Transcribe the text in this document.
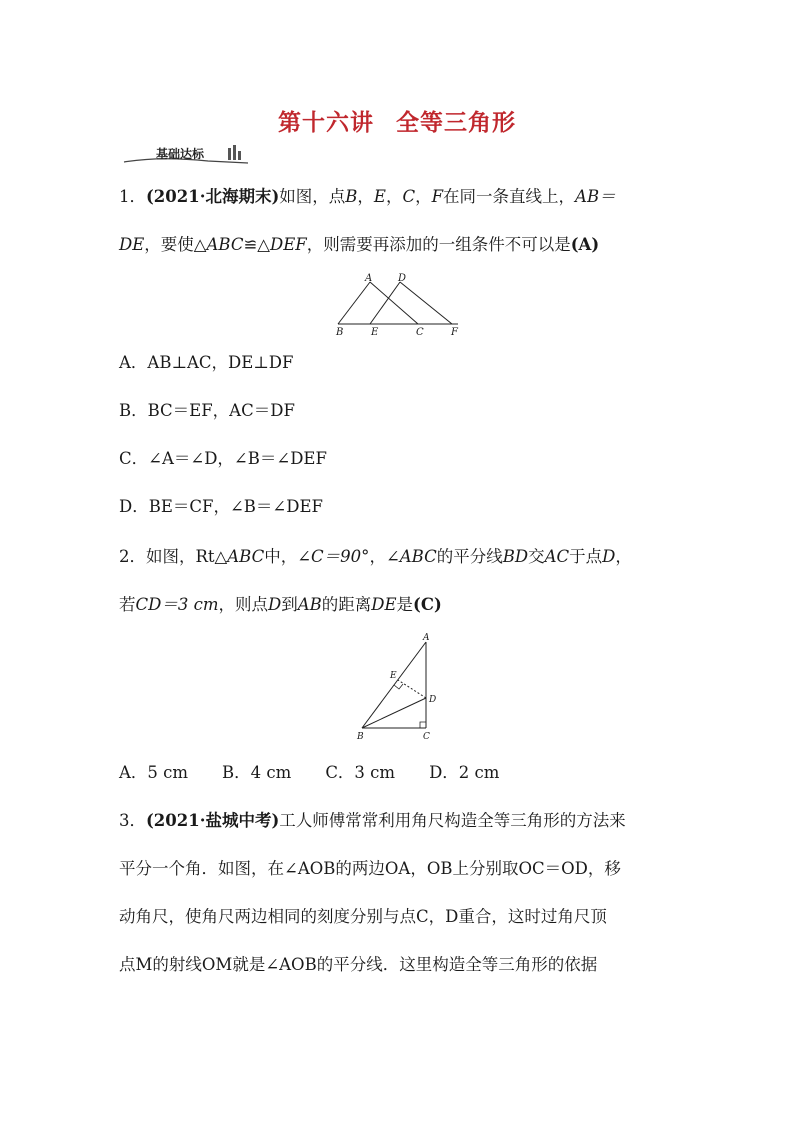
第十六讲 全等三角形
基础达标
1．(2021·北海期末)如图，点B，E，C，F在同一条直线上，AB＝
DE，要使△ABC≌△DEF，则需要再添加的一组条件不可以是(A)
A	D
B	E	C	F
A．AB⊥AC，DE⊥DF
B．BC＝EF，AC＝DF
C．∠A＝∠D，∠B＝∠DEF
D．BE＝CF，∠B＝∠DEF
2．如图，Rt△ABC中，∠C＝90°，∠ABC的平分线BD交AC于点D，
若CD＝3 cm，则点D到AB的距离DE是(C)
A
E
D
B	C
A．5 cm B．4 cm C．3 cm D．2 cm
3．(2021·盐城中考)工人师傅常常利用角尺构造全等三角形的方法来
平分一个角．如图，在∠AOB的两边OA，OB上分别取OC＝OD，移
动角尺，使角尺两边相同的刻度分别与点C，D重合，这时过角尺顶
点M的射线OM就是∠AOB的平分线．这里构造全等三角形的依据
